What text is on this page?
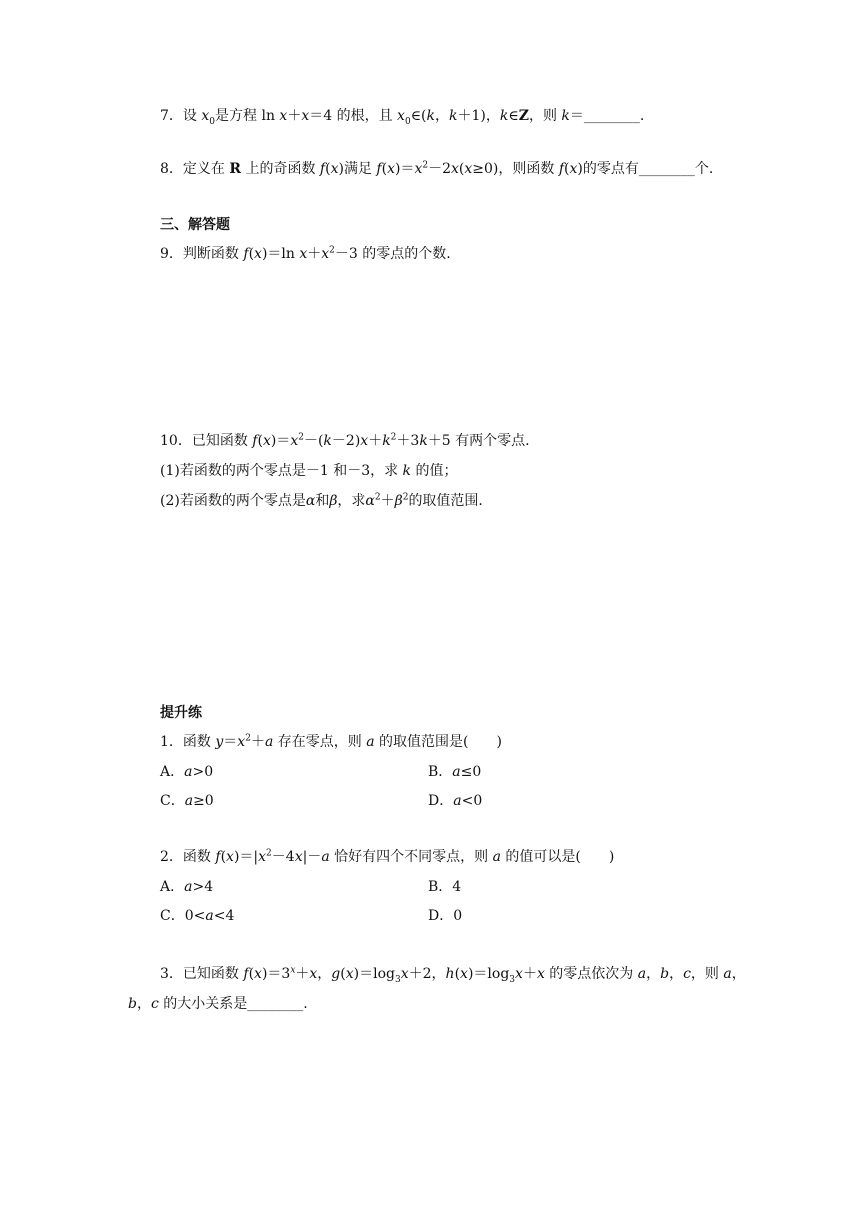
7．设 $x_0$是方程 ln x＋x＝4 的根，且 $x_0\in(k$，k＋1)，k∈Z，则 k＝________.
8．定义在 R 上的奇函数 f(x)满足 $f(x)=x^2-2x(x\ge 0)$，则函数 f(x)的零点有________个.
三、解答题
9．判断函数 f(x)＝ln $x+x^2-3$ 的零点的个数.
10．已知函数 $f(x)=x^2-(k-2)x+k^2+3k+5$ 有两个零点.
(1)若函数的两个零点是－1 和－3，求 k 的值；
(2)若函数的两个零点是α和β，求$\alpha^2+\beta^2$的取值范围.
提升练
1．函数 $y=x^2+a$ 存在零点，则 a 的取值范围是(　　)
A．a>0	B．a≤0
C．a≥0	D．a<0
2．函数 $f(x)=|x^2-4x|-a$ 恰好有四个不同零点，则 a 的值可以是(　　)
A．a>4	B．4
C．0<a<4	D．0
3．已知函数 $f(x)=3^x+x$，$g(x)=\log_3x+2$，$h(x)=\log_3x+x$ 的零点依次为 a，b，c，则 a，
b，c 的大小关系是________.
